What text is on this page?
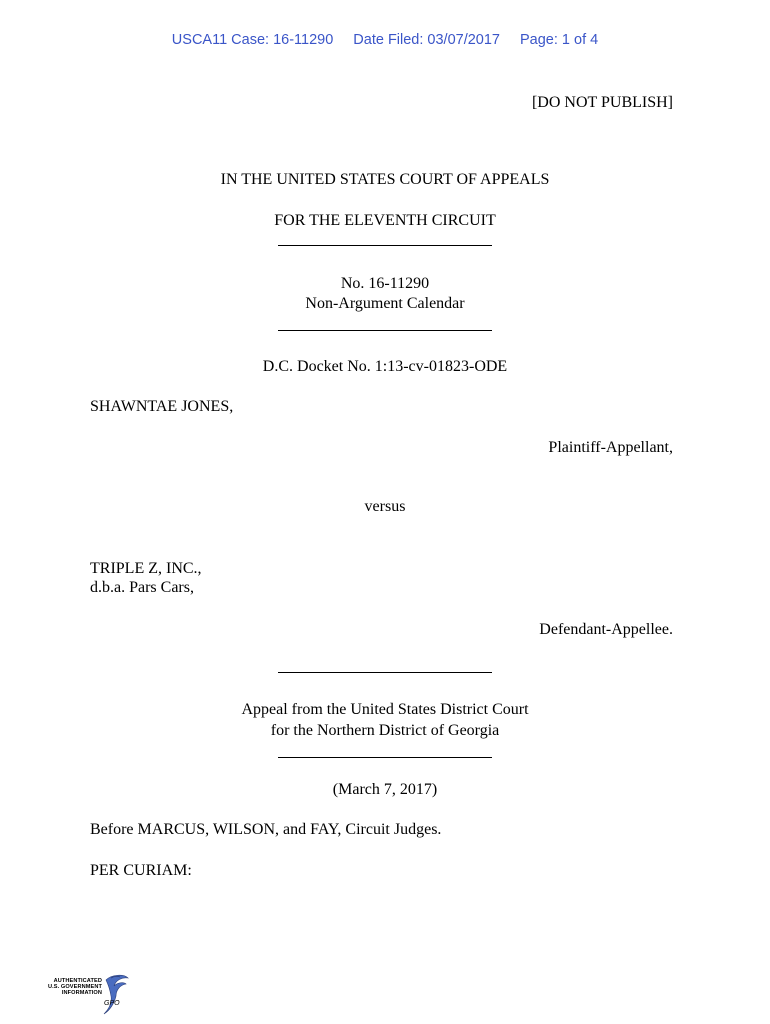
USCA11 Case: 16-11290 Date Filed: 03/07/2017 Page: 1 of 4
[DO NOT PUBLISH]
IN THE UNITED STATES COURT OF APPEALS
FOR THE ELEVENTH CIRCUIT
No. 16-11290
Non-Argument Calendar
D.C. Docket No. 1:13-cv-01823-ODE
SHAWNTAE JONES,
Plaintiff-Appellant,
versus
TRIPLE Z, INC.,
d.b.a. Pars Cars,
Defendant-Appellee.
Appeal from the United States District Court
for the Northern District of Georgia
(March 7, 2017)
Before MARCUS, WILSON, and FAY, Circuit Judges.
PER CURIAM:
AUTHENTICATED
U.S. GOVERNMENT
INFORMATION
GPO
